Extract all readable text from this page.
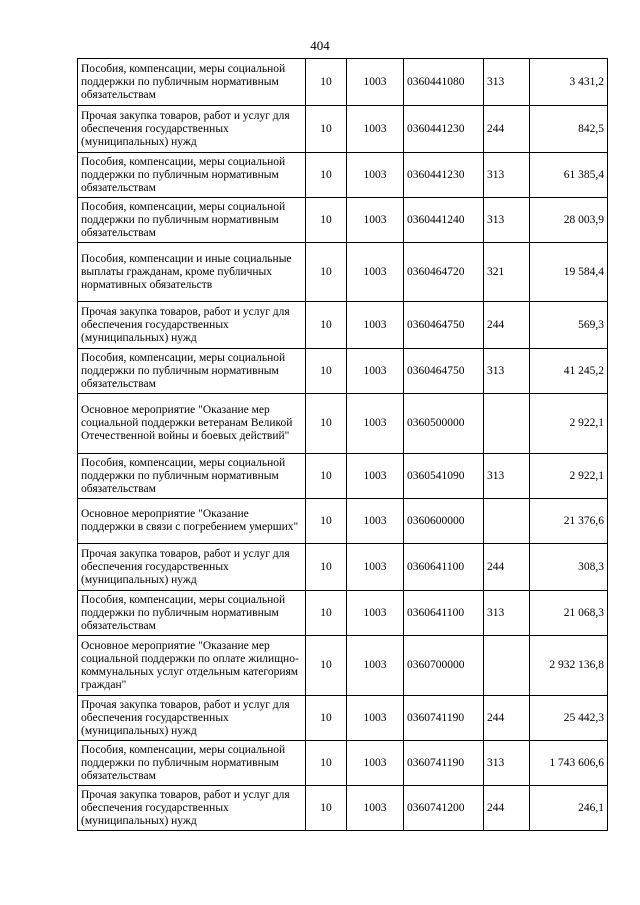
404
Пособия, компенсации, меры социальной поддержки по публичным нормативным обязательствам	10	1003	0360441080	313	3 431,2
Прочая закупка товаров, работ и услуг для обеспечения государственных (муниципальных) нужд	10	1003	0360441230	244	842,5
Пособия, компенсации, меры социальной поддержки по публичным нормативным обязательствам	10	1003	0360441230	313	61 385,4
Пособия, компенсации, меры социальной поддержки по публичным нормативным обязательствам	10	1003	0360441240	313	28 003,9
Пособия, компенсации и иные социальные выплаты гражданам, кроме публичных нормативных обязательств	10	1003	0360464720	321	19 584,4
Прочая закупка товаров, работ и услуг для обеспечения государственных (муниципальных) нужд	10	1003	0360464750	244	569,3
Пособия, компенсации, меры социальной поддержки по публичным нормативным обязательствам	10	1003	0360464750	313	41 245,2
Основное мероприятие "Оказание мер социальной поддержки ветеранам Великой Отечественной войны и боевых действий"	10	1003	0360500000		2 922,1
Пособия, компенсации, меры социальной поддержки по публичным нормативным обязательствам	10	1003	0360541090	313	2 922,1
Основное мероприятие "Оказание поддержки в связи с погребением умерших"	10	1003	0360600000		21 376,6
Прочая закупка товаров, работ и услуг для обеспечения государственных (муниципальных) нужд	10	1003	0360641100	244	308,3
Пособия, компенсации, меры социальной поддержки по публичным нормативным обязательствам	10	1003	0360641100	313	21 068,3
Основное мероприятие "Оказание мер социальной поддержки по оплате жилищно-коммунальных услуг отдельным категориям граждан"	10	1003	0360700000		2 932 136,8
Прочая закупка товаров, работ и услуг для обеспечения государственных (муниципальных) нужд	10	1003	0360741190	244	25 442,3
Пособия, компенсации, меры социальной поддержки по публичным нормативным обязательствам	10	1003	0360741190	313	1 743 606,6
Прочая закупка товаров, работ и услуг для обеспечения государственных (муниципальных) нужд	10	1003	0360741200	244	246,1
